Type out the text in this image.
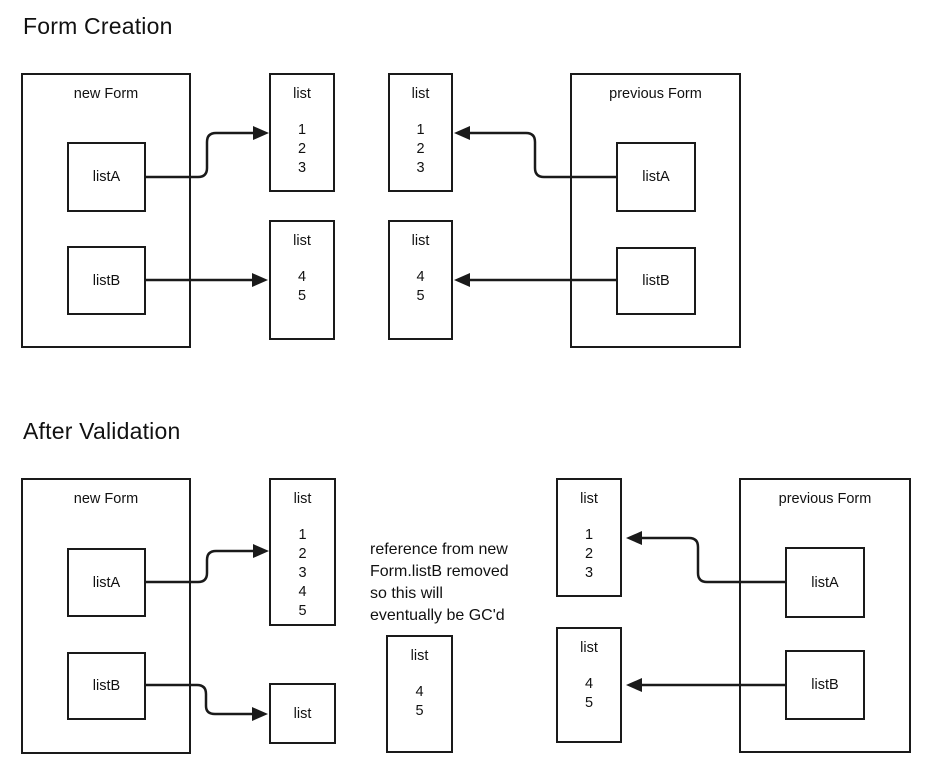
Form Creation
new Form
listA
listB
list
1
2
3
list
4
5
list
1
2
3
list
4
5
previous Form
listA
listB
After Validation
new Form
listA
listB
list
1
2
3
4
5
list
reference from new
Form.listB removed
so this will
eventually be GC'd
list
4
5
list
1
2
3
list
4
5
previous Form
listA
listB
